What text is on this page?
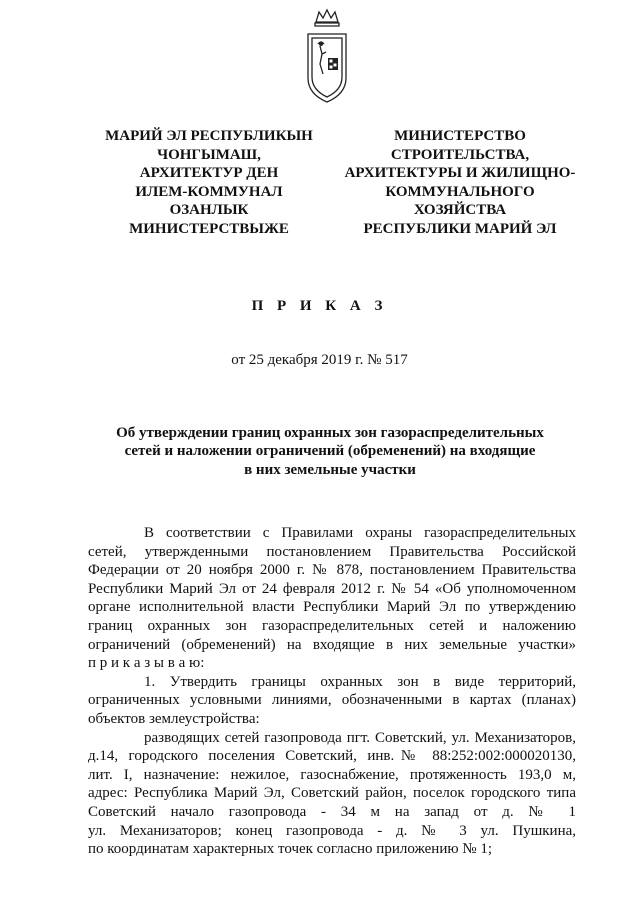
МАРИЙ ЭЛ РЕСПУБЛИКЫН
ЧОНГЫМАШ,
АРХИТЕКТУР ДЕН
ИЛЕМ-КОММУНАЛ
ОЗАНЛЫК
МИНИСТЕРСТВЫЖЕ
МИНИСТЕРСТВО
СТРОИТЕЛЬСТВА,
АРХИТЕКТУРЫ И ЖИЛИЩНО-
КОММУНАЛЬНОГО
ХОЗЯЙСТВА
РЕСПУБЛИКИ МАРИЙ ЭЛ
П Р И К А З
от 25 декабря 2019 г. № 517
Об утверждении границ охранных зон газораспределительных
сетей и наложении ограничений (обременений) на входящие
в них земельные участки
В соответствии с Правилами охраны газораспределительных
сетей, утвержденными постановлением Правительства Российской
Федерации от 20 ноября 2000 г. № 878, постановлением Правительства
Республики Марий Эл от 24 февраля 2012 г. № 54 «Об уполномоченном
органе исполнительной власти Республики Марий Эл по утверждению
границ охранных зон газораспределительных сетей и наложению
ограничений (обременений) на входящие в них земельные участки»
п р и к а з ы в а ю:
1. Утвердить границы охранных зон в виде территорий,
ограниченных условными линиями, обозначенными в картах (планах)
объектов землеустройства:
разводящих сетей газопровода пгт. Советский, ул. Механизаторов,
д.14, городского поселения Советский, инв.№ 88:252:002:000020130,
лит. I, назначение: нежилое, газоснабжение, протяженность 193,0 м,
адрес: Республика Марий Эл, Советский район, поселок городского типа
Советский начало газопровода - 34 м на запад от д. № 1
ул. Механизаторов; конец газопровода - д. № 3 ул. Пушкина,
по координатам характерных точек согласно приложению № 1;
